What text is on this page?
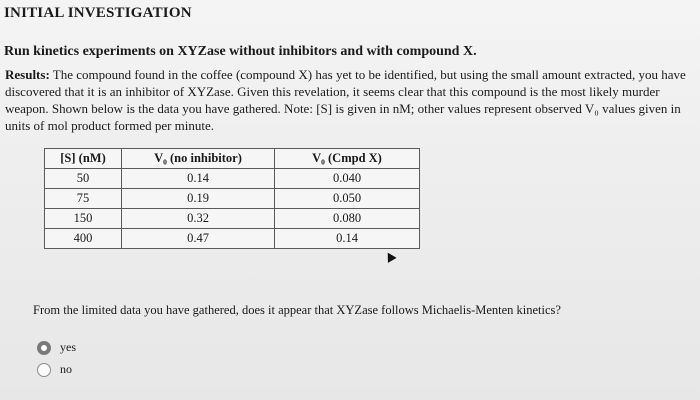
INITIAL INVESTIGATION
Run kinetics experiments on XYZase without inhibitors and with compound X.
Results: The compound found in the coffee (compound X) has yet to be identified, but using the small amount extracted, you have discovered that it is an inhibitor of XYZase. Given this revelation, it seems clear that this compound is the most likely murder weapon. Shown below is the data you have gathered. Note: [S] is given in nM; other values represent observed V₀ values given in units of mol product formed per minute.
[S] (nM)	V₀ (no inhibitor)	V₀ (Cmpd X)
50	0.14	0.040
75	0.19	0.050
150	0.32	0.080
400	0.47	0.14
From the limited data you have gathered, does it appear that XYZase follows Michaelis-Menten kinetics?
yes
no
